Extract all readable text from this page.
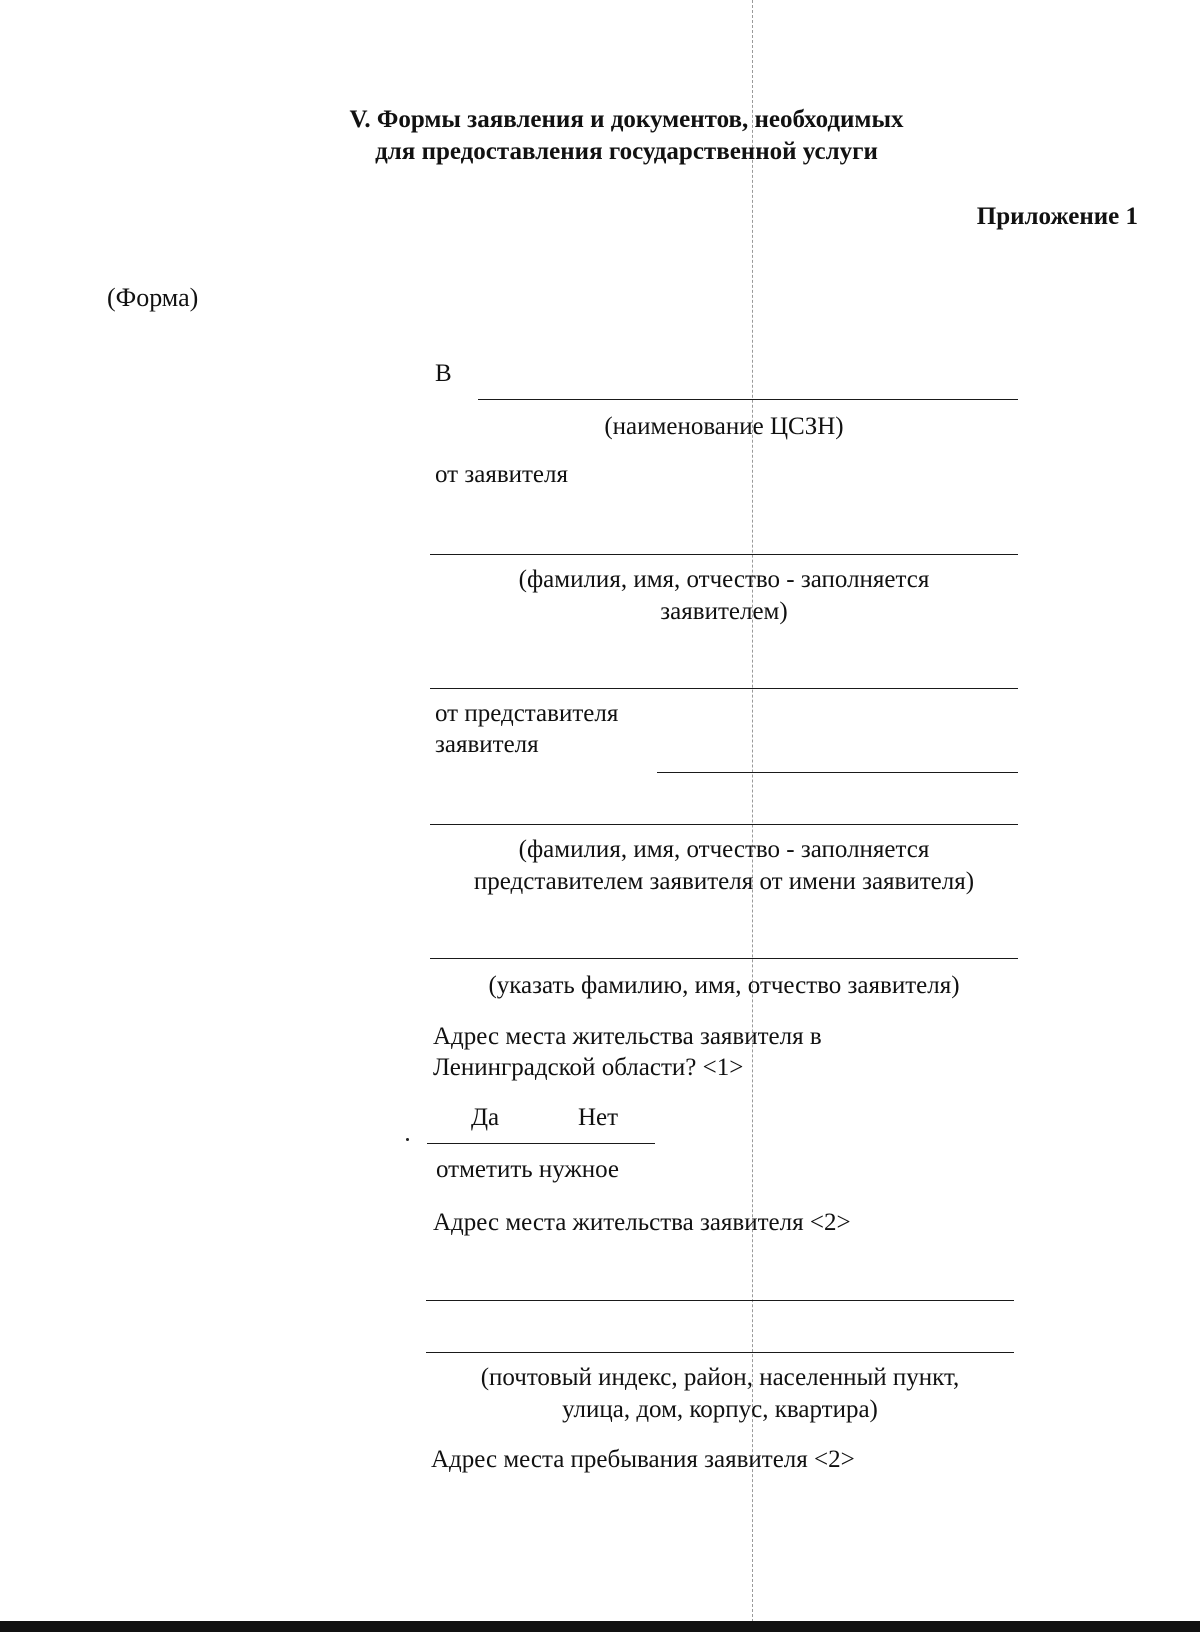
V. Формы заявления и документов, необходимых
для предоставления государственной услуги
Приложение 1
(Форма)
В
(наименование ЦСЗН)
от заявителя
(фамилия, имя, отчество - заполняется
заявителем)
от представителя
заявителя
(фамилия, имя, отчество - заполняется
представителем заявителя от имени заявителя)
(указать фамилию, имя, отчество заявителя)
Адрес места жительства заявителя в
Ленинградской области? <1>
Да	Нет
отметить нужное
Адрес места жительства заявителя <2>
(почтовый индекс, район, населенный пункт,
улица, дом, корпус, квартира)
Адрес места пребывания заявителя <2>
